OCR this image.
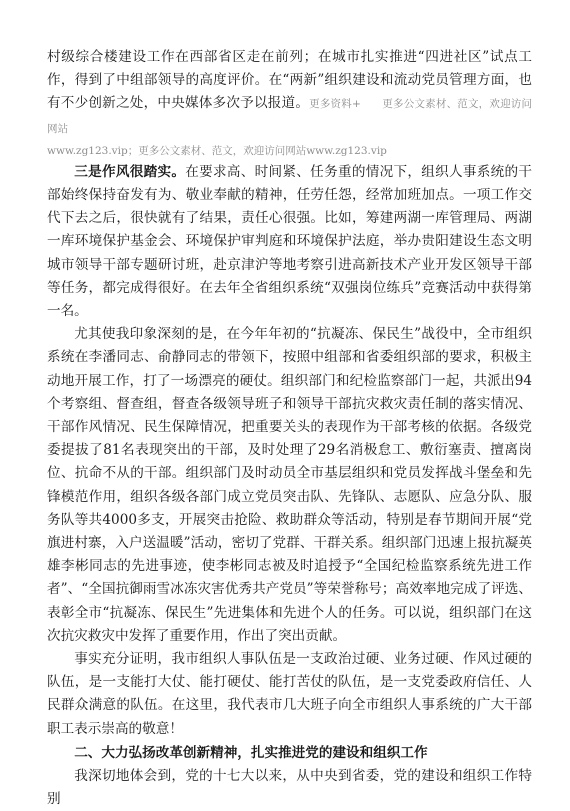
村级综合楼建设工作在西部省区走在前列；在城市扎实推进“四进社区”试点工作，得到了中组部领导的高度评价。在“两新”组织建设和流动党员管理方面，也有不少创新之处，中央媒体多次予以报道。更多资料+　　更多公文素材、范文，欢迎访问网站

www.zg123.vip；更多公文素材、范文，欢迎访问网站www.zg123.vip

三是作风很踏实。在要求高、时间紧、任务重的情况下，组织人事系统的干部始终保持奋发有为、敬业奉献的精神，任劳任怨，经常加班加点。一项工作交代下去之后，很快就有了结果，责任心很强。比如，筹建两湖一库管理局、两湖一库环境保护基金会、环境保护审判庭和环境保护法庭，举办贵阳建设生态文明城市领导干部专题研讨班，赴京津沪等地考察引进高新技术产业开发区领导干部等任务，都完成得很好。在去年全省组织系统“双强岗位练兵”竞赛活动中获得第一名。

尤其使我印象深刻的是，在今年年初的“抗凝冻、保民生”战役中，全市组织系统在李潘同志、俞静同志的带领下，按照中组部和省委组织部的要求，积极主动地开展工作，打了一场漂亮的硬仗。组织部门和纪检监察部门一起，共派出94个考察组、督查组，督查各级领导班子和领导干部抗灾救灾责任制的落实情况、干部作风情况、民生保障情况，把重要关头的表现作为干部考核的依据。各级党委提拔了81名表现突出的干部，及时处理了29名消极怠工、敷衍塞责、擅离岗位、抗命不从的干部。组织部门及时动员全市基层组织和党员发挥战斗堡垒和先锋模范作用，组织各级各部门成立党员突击队、先锋队、志愿队、应急分队、服务队等共4000多支，开展突击抢险、救助群众等活动，特别是春节期间开展“党旗进村寨，入户送温暖”活动，密切了党群、干群关系。组织部门迅速上报抗凝英雄李彬同志的先进事迹，使李彬同志被及时追授予“全国纪检监察系统先进工作者”、“全国抗御雨雪冰冻灾害优秀共产党员”等荣誉称号；高效率地完成了评选、表彰全市“抗凝冻、保民生”先进集体和先进个人的任务。可以说，组织部门在这次抗灾救灾中发挥了重要作用，作出了突出贡献。

事实充分证明，我市组织人事队伍是一支政治过硬、业务过硬、作风过硬的队伍，是一支能打大仗、能打硬仗、能打苦仗的队伍，是一支党委政府信任、人民群众满意的队伍。在这里，我代表市几大班子向全市组织人事系统的广大干部职工表示崇高的敬意！

二、大力弘扬改革创新精神，扎实推进党的建设和组织工作

我深切地体会到，党的十七大以来，从中央到省委，党的建设和组织工作特别
